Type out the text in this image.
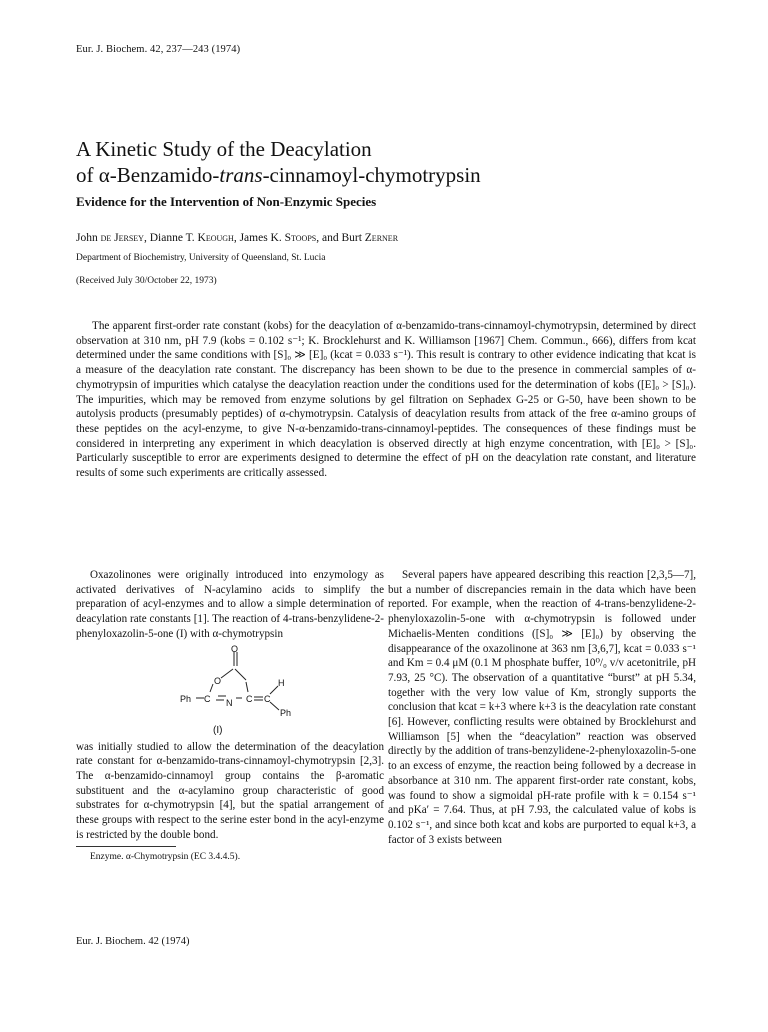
Eur. J. Biochem. 42, 237—243 (1974)
A Kinetic Study of the Deacylation
of α-Benzamido-trans-cinnamoyl-chymotrypsin
Evidence for the Intervention of Non-Enzymic Species
John de Jersey, Dianne T. Keough, James K. Stoops, and Burt Zerner
Department of Biochemistry, University of Queensland, St. Lucia
(Received July 30/October 22, 1973)

The apparent first-order rate constant (kobs) for the deacylation of α-benzamido-trans-cinnamoyl-chymotrypsin, determined by direct observation at 310 nm, pH 7.9 (kobs = 0.102 s⁻¹; K. Brocklehurst and K. Williamson [1967] Chem. Commun., 666), differs from kcat determined under the same conditions with [S]₀ ≫ [E]₀ (kcat = 0.033 s⁻¹). This result is contrary to other evidence indicating that kcat is a measure of the deacylation rate constant. The discrepancy has been shown to be due to the presence in commercial samples of α-chymotrypsin of impurities which catalyse the deacylation reaction under the conditions used for the determination of kobs ([E]₀ > [S]₀). The impurities, which may be removed from enzyme solutions by gel filtration on Sephadex G-25 or G-50, have been shown to be autolysis products (presumably peptides) of α-chymotrypsin. Catalysis of deacylation results from attack of the free α-amino groups of these peptides on the acyl-enzyme, to give N-α-benzamido-trans-cinnamoyl-peptides. The consequences of these findings must be considered in interpreting any experiment in which deacylation is observed directly at high enzyme concentration, with [E]₀ > [S]₀. Particularly susceptible to error are experiments designed to determine the effect of pH on the deacylation rate constant, and literature results of some such experiments are critically assessed.

Oxazolinones were originally introduced into enzymology as activated derivatives of N-acylamino acids to simplify the preparation of acyl-enzymes and to allow a simple determination of deacylation rate constants [1]. The reaction of 4-trans-benzylidene-2-phenyloxazolin-5-one (I) with α-chymotrypsin

O
O
N
C	C C
H
Ph
Ph
(I)

was initially studied to allow the determination of the deacylation rate constant for α-benzamido-trans-cinnamoyl-chymotrypsin [2,3]. The α-benzamido-cinnamoyl group contains the β-aromatic substituent and the α-acylamino group characteristic of good substrates for α-chymotrypsin [4], but the spatial arrangement of these groups with respect to the serine ester bond in the acyl-enzyme is restricted by the double bond.

Enzyme. α-Chymotrypsin (EC 3.4.4.5).

Several papers have appeared describing this reaction [2,3,5—7], but a number of discrepancies remain in the data which have been reported. For example, when the reaction of 4-trans-benzylidene-2-phenyloxazolin-5-one with α-chymotrypsin is followed under Michaelis-Menten conditions ([S]₀ ≫ [E]₀) by observing the disappearance of the oxazolinone at 363 nm [3,6,7], kcat = 0.033 s⁻¹ and Km = 0.4 μM (0.1 M phosphate buffer, 10⁰/₀ v/v acetonitrile, pH 7.93, 25 °C). The observation of a quantitative “burst” at pH 5.34, together with the very low value of Km, strongly supports the conclusion that kcat = k+3 where k+3 is the deacylation rate constant [6]. However, conflicting results were obtained by Brocklehurst and Williamson [5] when the “deacylation” reaction was observed directly by the addition of trans-benzylidene-2-phenyloxazolin-5-one to an excess of enzyme, the reaction being followed by a decrease in absorbance at 310 nm. The apparent first-order rate constant, kobs, was found to show a sigmoidal pH-rate profile with k = 0.154 s⁻¹ and pKa′ = 7.64. Thus, at pH 7.93, the calculated value of kobs is 0.102 s⁻¹, and since both kcat and kobs are purported to equal k+3, a factor of 3 exists between

Eur. J. Biochem. 42 (1974)
